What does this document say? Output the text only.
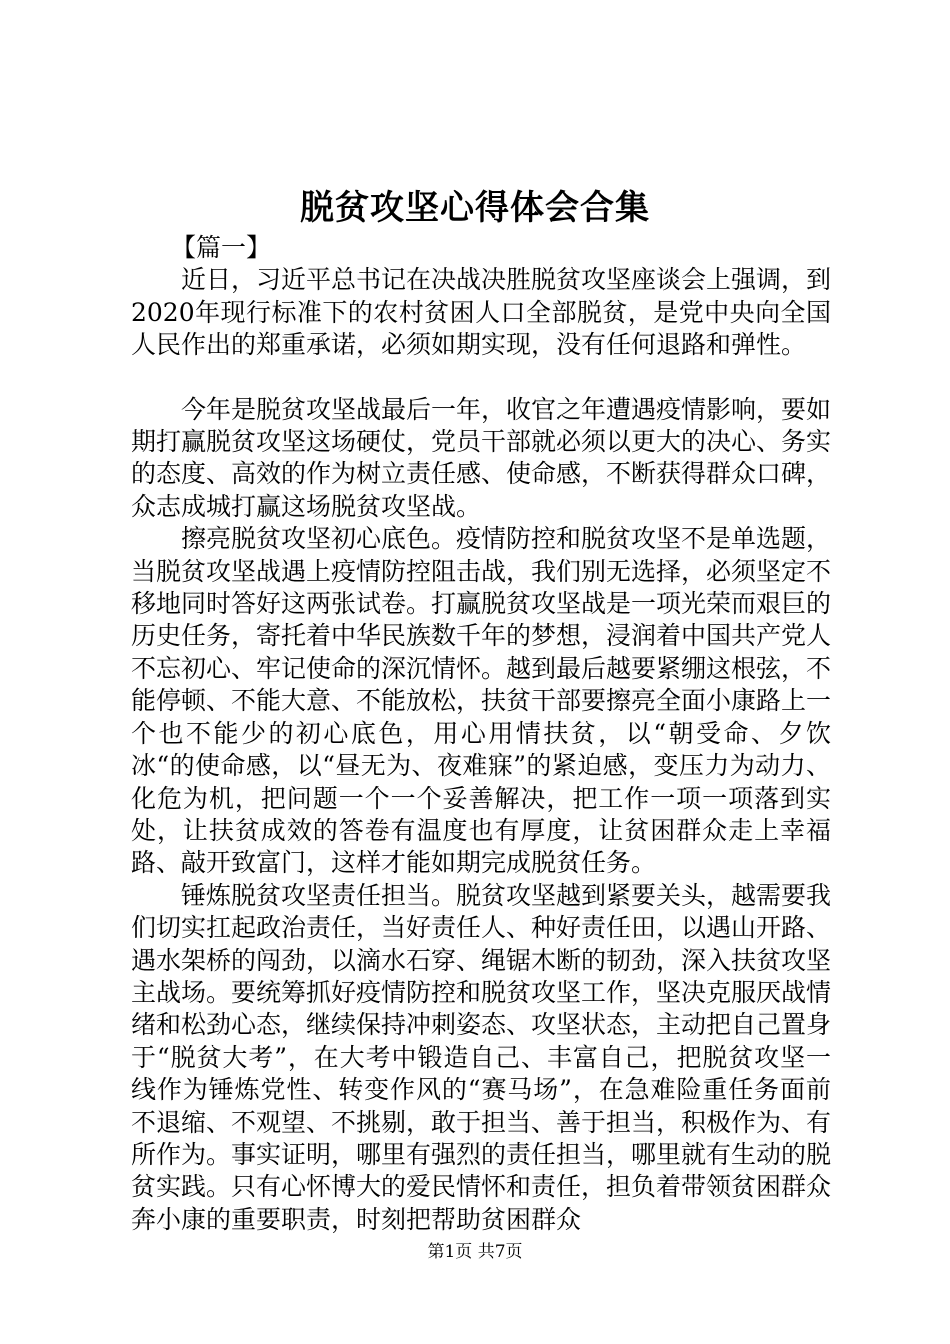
脱贫攻坚心得体会合集

【篇一】

近日，习近平总书记在决战决胜脱贫攻坚座谈会上强调，到2020年现行标准下的农村贫困人口全部脱贫，是党中央向全国人民作出的郑重承诺，必须如期实现，没有任何退路和弹性。

今年是脱贫攻坚战最后一年，收官之年遭遇疫情影响，要如期打赢脱贫攻坚这场硬仗，党员干部就必须以更大的决心、务实的态度、高效的作为树立责任感、使命感，不断获得群众口碑，众志成城打赢这场脱贫攻坚战。

擦亮脱贫攻坚初心底色。疫情防控和脱贫攻坚不是单选题，当脱贫攻坚战遇上疫情防控阻击战，我们别无选择，必须坚定不移地同时答好这两张试卷。打赢脱贫攻坚战是一项光荣而艰巨的历史任务，寄托着中华民族数千年的梦想，浸润着中国共产党人不忘初心、牢记使命的深沉情怀。越到最后越要紧绷这根弦，不能停顿、不能大意、不能放松，扶贫干部要擦亮全面小康路上一个也不能少的初心底色，用心用情扶贫，以“朝受命、夕饮冰“的使命感，以“昼无为、夜难寐”的紧迫感，变压力为动力、化危为机，把问题一个一个妥善解决，把工作一项一项落到实处，让扶贫成效的答卷有温度也有厚度，让贫困群众走上幸福路、敲开致富门，这样才能如期完成脱贫任务。

锤炼脱贫攻坚责任担当。脱贫攻坚越到紧要关头，越需要我们切实扛起政治责任，当好责任人、种好责任田，以遇山开路、遇水架桥的闯劲，以滴水石穿、绳锯木断的韧劲，深入扶贫攻坚主战场。要统筹抓好疫情防控和脱贫攻坚工作，坚决克服厌战情绪和松劲心态，继续保持冲刺姿态、攻坚状态，主动把自己置身于“脱贫大考”，在大考中锻造自己、丰富自己，把脱贫攻坚一线作为锤炼党性、转变作风的“赛马场”，在急难险重任务面前不退缩、不观望、不挑剔，敢于担当、善于担当，积极作为、有所作为。事实证明，哪里有强烈的责任担当，哪里就有生动的脱贫实践。只有心怀博大的爱民情怀和责任，担负着带领贫困群众奔小康的重要职责，时刻把帮助贫困群众

第1页 共7页
